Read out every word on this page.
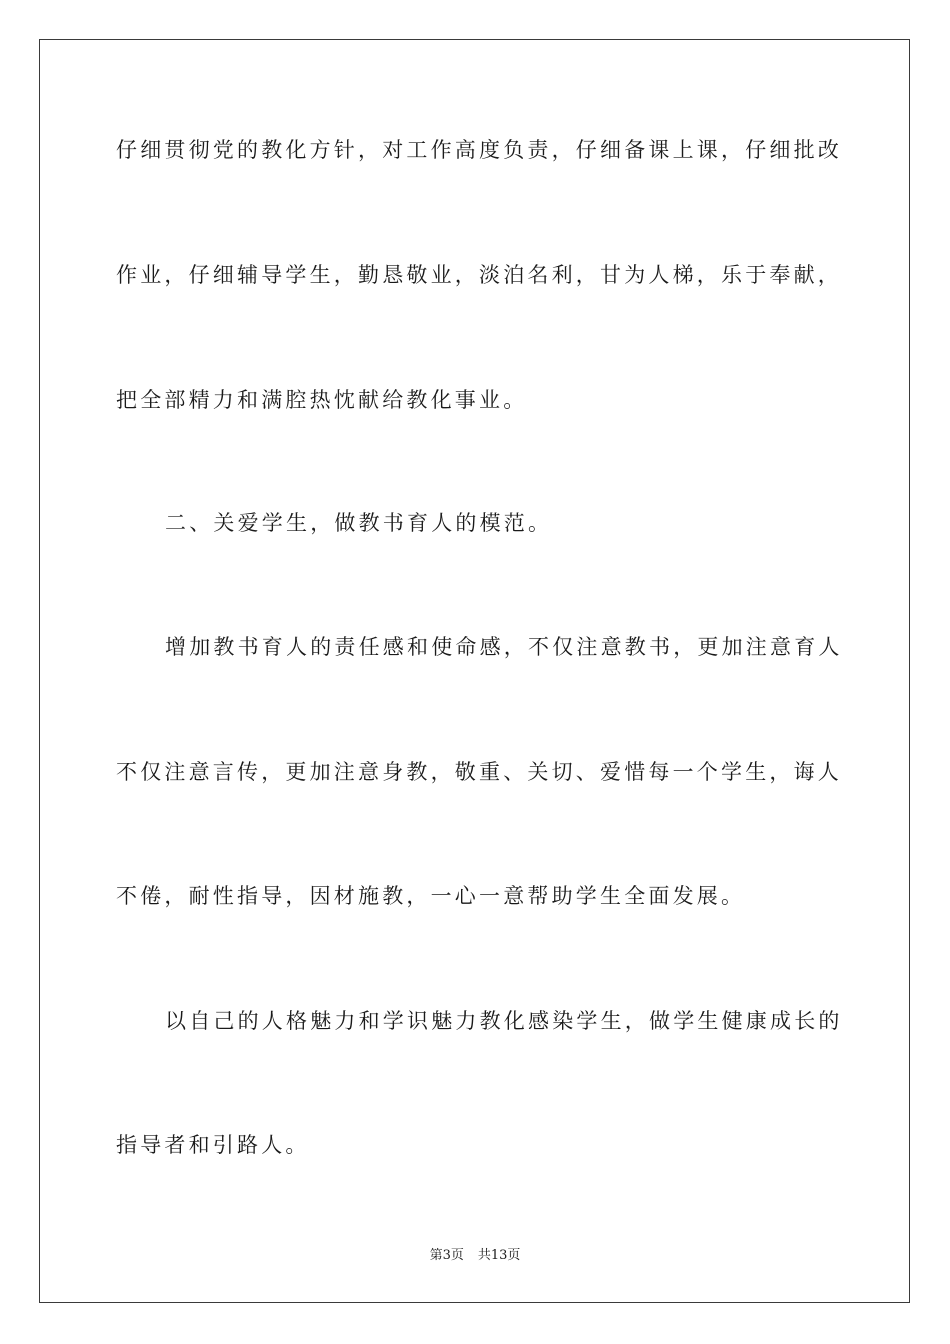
仔细贯彻党的教化方针，对工作高度负责，仔细备课上课，仔细批改
作业，仔细辅导学生，勤恳敬业，淡泊名利，甘为人梯，乐于奉献，
把全部精力和满腔热忱献给教化事业。
二、关爱学生，做教书育人的模范。
增加教书育人的责任感和使命感，不仅注意教书，更加注意育人
不仅注意言传，更加注意身教，敬重、关切、爱惜每一个学生，诲人
不倦，耐性指导，因材施教，一心一意帮助学生全面发展。
以自己的人格魅力和学识魅力教化感染学生，做学生健康成长的
指导者和引路人。
第3页 共13页
